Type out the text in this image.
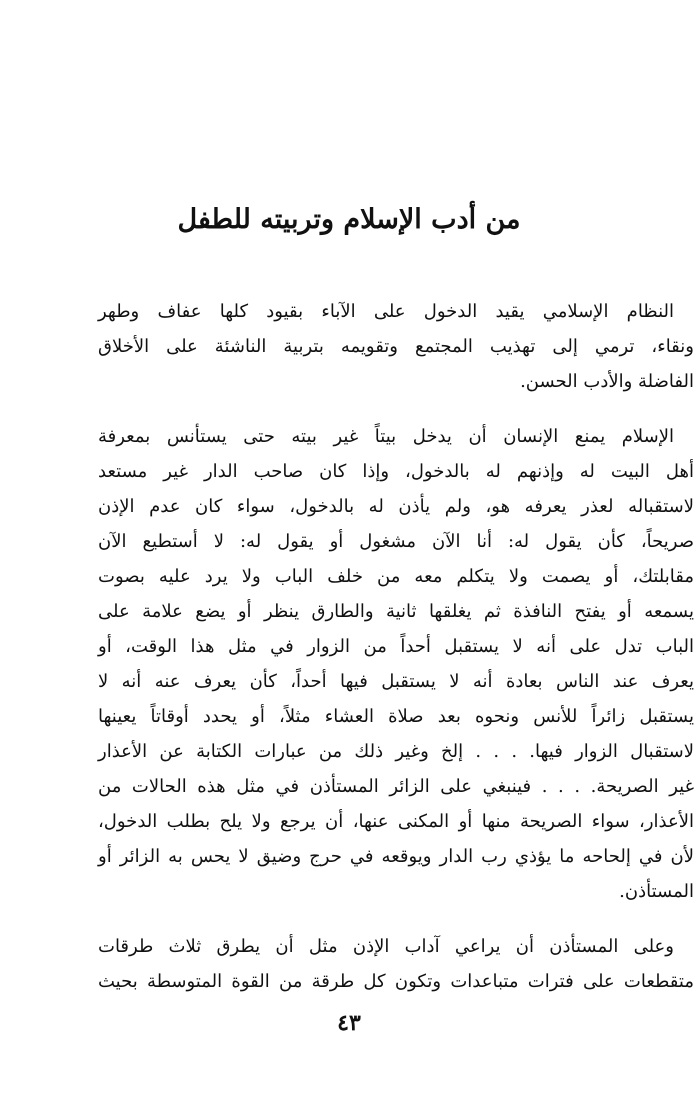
من أدب الإسلام وتربيته للطفل
النظام الإسلامي يقيد الدخول على الآباء بقيود كلها عفاف وطهر
ونقاء، ترمي إلى تهذيب المجتمع وتقويمه بتربية الناشئة على الأخلاق
الفاضلة والأدب الحسن.
الإسلام يمنع الإنسان أن يدخل بيتاً غير بيته حتى يستأنس بمعرفة
أهل البيت له وإذنهم له بالدخول، وإذا كان صاحب الدار غير مستعد
لاستقباله لعذر يعرفه هو، ولم يأذن له بالدخول، سواء كان عدم الإذن
صريحاً، كأن يقول له: أنا الآن مشغول أو يقول له: لا أستطيع الآن
مقابلتك، أو يصمت ولا يتكلم معه من خلف الباب ولا يرد عليه بصوت
يسمعه أو يفتح النافذة ثم يغلقها ثانية والطارق ينظر أو يضع علامة على
الباب تدل على أنه لا يستقبل أحداً من الزوار في مثل هذا الوقت، أو
يعرف عند الناس بعادة أنه لا يستقبل فيها أحداً، كأن يعرف عنه أنه لا
يستقبل زائراً للأنس ونحوه بعد صلاة العشاء مثلاً، أو يحدد أوقاتاً يعينها
لاستقبال الزوار فيها. . . . إلخ وغير ذلك من عبارات الكتابة عن الأعذار
غير الصريحة. . . . فينبغي على الزائر المستأذن في مثل هذه الحالات من
الأعذار، سواء الصريحة منها أو المكنى عنها، أن يرجع ولا يلح بطلب الدخول،
لأن في إلحاحه ما يؤذي رب الدار ويوقعه في حرج وضيق لا يحس به الزائر أو
المستأذن.
وعلى المستأذن أن يراعي آداب الإذن مثل أن يطرق ثلاث طرقات
متقطعات على فترات متباعدات وتكون كل طرقة من القوة المتوسطة بحيث
٤٣
